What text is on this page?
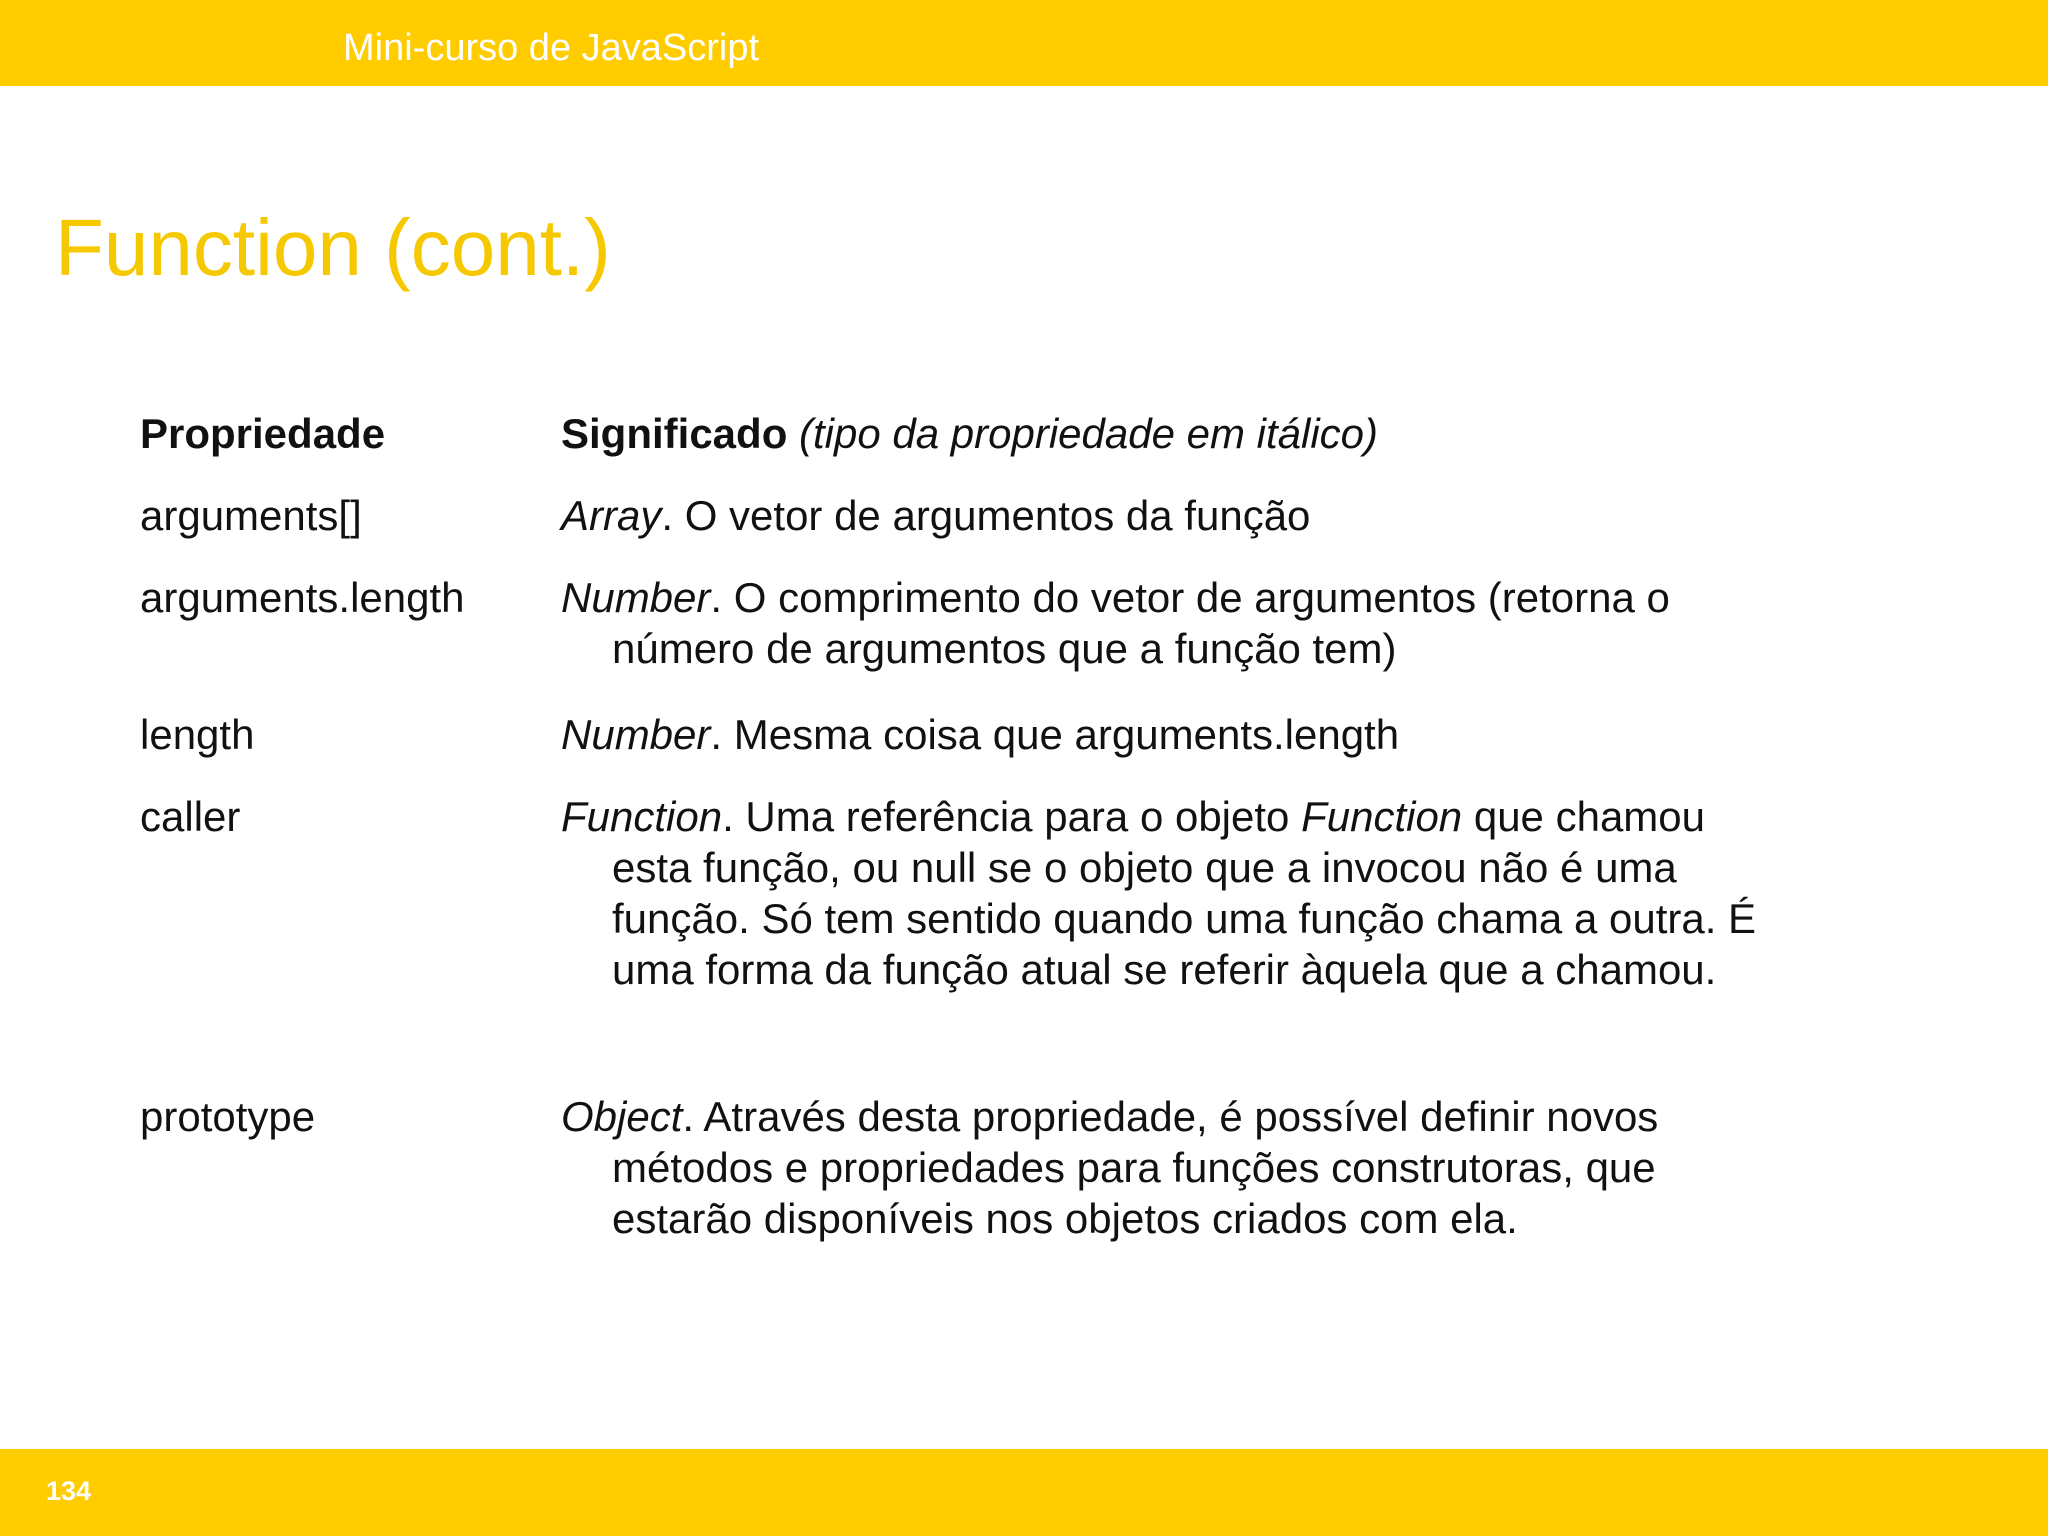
Mini-curso de JavaScript
Function (cont.)
Propriedade	Significado (tipo da propriedade em itálico)
arguments[]	Array. O vetor de argumentos da função
arguments.length	Number. O comprimento do vetor de argumentos (retorna o
número de argumentos que a função tem)
length	Number. Mesma coisa que arguments.length
caller	Function. Uma referência para o objeto Function que chamou
esta função, ou null se o objeto que a invocou não é uma
função. Só tem sentido quando uma função chama a outra. É
uma forma da função atual se referir àquela que a chamou.
prototype	Object. Através desta propriedade, é possível definir novos
métodos e propriedades para funções construtoras, que
estarão disponíveis nos objetos criados com ela.
134
